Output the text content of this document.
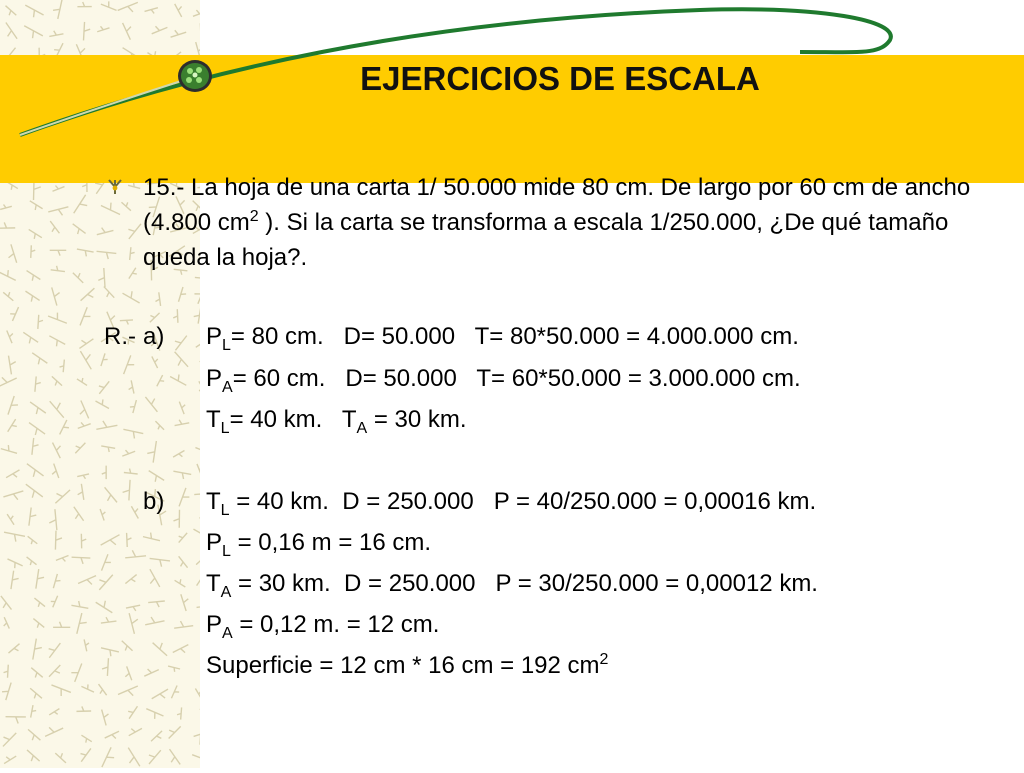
EJERCICIOS DE ESCALA
15.- La hoja de una carta 1/ 50.000 mide 80 cm. De largo por 60 cm de ancho
(4.800 $cm^2$ ). Si la carta se transforma a escala 1/250.000, ¿De qué tamaño
queda la hoja?.
R.- a) $P_L= 80$ cm.   D= 50.000   T= 80*50.000 = 4.000.000 cm.
$P_A= 60$ cm.   D= 50.000   T= 60*50.000 = 3.000.000 cm.
$T_L= 40$ km.   $T_A = 30$ km.
b) $T_L = 40$ km.  D = 250.000   P = 40/250.000 = 0,00016 km.
$P_L = 0,16$ m = 16 cm.
$T_A = 30$ km.  D = 250.000   P = 30/250.000 = 0,00012 km.
$P_A = 0,12$ m. = 12 cm.
Superficie = 12 cm * 16 cm = 192 $cm^2$
